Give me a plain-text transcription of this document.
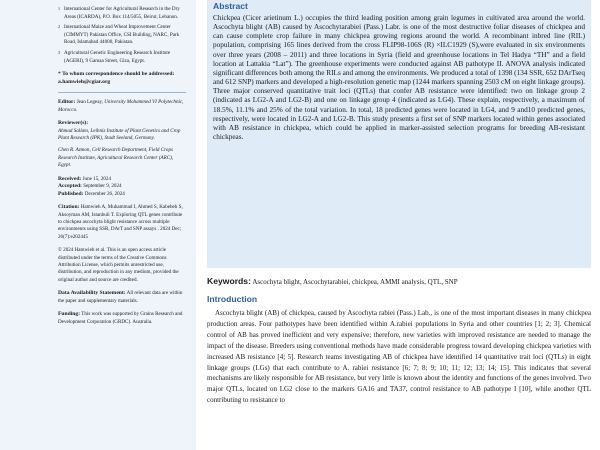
1 International Center for Agricultural Research in the Dry Areas (ICARDA), P.O. Box 114/5055, Beirut, Lebanon.
2 International Maize and Wheat Improvement Center (CIMMYT) Pakistan Office, CSI Building, NARC, Park Road, Islamabad 44000, Pakistan.
3 Agricultural Genetic Engineering Research Institute (AGERI), 9 Gamaa Street, Giza, Egypt.
* To whom correspondence should be addressed:
a.hamwieh@cgiar.org
Editor: Jean Legeay, University Mohammed VI Polytechnic, Morocco.
Reviewer(s):
Ahmad Sallam, Leibniz Institute of Plant Genetics and Crop Plant Research (IPK), Stadt Seeland, Germany.
Chen R. Azmon, Cell Research Department, Field Crops Research Institute, Agricultural Research Center (ARC), Egypt.
Received: June 15, 2024
Accepted: September 9, 2024
Published: December 26, 2024
Citation: Hamwieh A, Muhammad I, Ahmed S, Kabebeh S, Aksoyman AM, Istanbuli T. Exploring QTL genes contribute to chickpea ascochyta blight resistance across multiple environments using SSR, DArT and SNP assays . 2024 Dec; 26(7):e202445
© 2024 Hamwieh et al. This is an open access article distributed under the terms of the Creative Commons Attribution License, which permits unrestricted use, distribution, and reproduction in any medium, provided the original author and source are credited.
Data Availability Statement: All relevant data are within the paper and supplementary materials.
Funding: This work was supported by Grains Research and Development Corporation (GRDC). Australia.
Abstract
Chickpea (Cicer arietinum L.) occupies the third leading position among grain legumes in cultivated area around the world. Ascochyta blight (AB) caused by Ascochytarabiei (Pass.) Labr. is one of the most destructive foliar diseases of chickpea and can cause complete crop failure in many chickpea growing regions around the world. A recombinant inbred line (RIL) population, comprising 165 lines derived from the cross FLIP98-106S (R) ×ILC1929 (S),were evaluated in six environments over three years (2008 – 2011) and three locations in Syria (field and greenhouse locations in Tel Hadya “TH” and a field location at Lattakia “Lat”). The greenhouse experiments were conducted against AB pathotype II. ANOVA analysis indicated significant differences both among the RILs and among the environments. We produced a total of 1398 (134 SSR, 652 DArTseq and 612 SNP) markers and developed a high-resolution genetic map (1244 markers spanning 2503 cM on eight linkage groups). Three major conserved quantitative trait loci (QTLs) that confer AB resistance were identified: two on linkage group 2 (indicated as LG2-A and LG2-B) and one on linkage group 4 (indicated as LG4). These explain, respectively, a maximum of 18.5%, 11.1% and 25% of the total variation. In total, 18 predicted genes were located in LG4, and 9 and10 predicted genes, respectively, were located in LG2-A and LG2-B. This study presents a first set of SNP markers located within genes associated with AB resistance in chickpea, which could be applied in marker-assisted selection programs for breeding AB-resistant chickpeas.
Keywords: Ascochyta blight, Ascochytarabiei, chickpea, AMMI analysis, QTL, SNP
Introduction

Ascochyta blight (AB) of chickpea, caused by Ascochyta rabiei (Pass.) Lab., is one of the most important diseases in many chickpea production areas. Four pathotypes have been identified within A.rabiei populations in Syria and other countries [1; 2; 3]. Chemical control of AB has proved inefficient and very expensive; therefore, new varieties with improved resistance are needed to manage the impact of the disease. Breeders using conventional methods have made considerable progress toward developing chickpea varieties with increased AB resistance [4; 5]. Research teams investigating AB of chickpea have identified 14 quantitative trait loci (QTLs) in eight linkage groups (LGs) that each contribute to A. rabiei resistance [6; 7; 8; 9; 10; 11; 12; 13; 14; 15]. This indicates that several mechanisms are likely responsible for AB resistance, but very little is known about the identity and functions of the genes involved. Two major QTLs, located on LG2 close to the markers GA16 and TA37, control resistance to AB pathotype I [10], while another QTL contributing to resistance to
